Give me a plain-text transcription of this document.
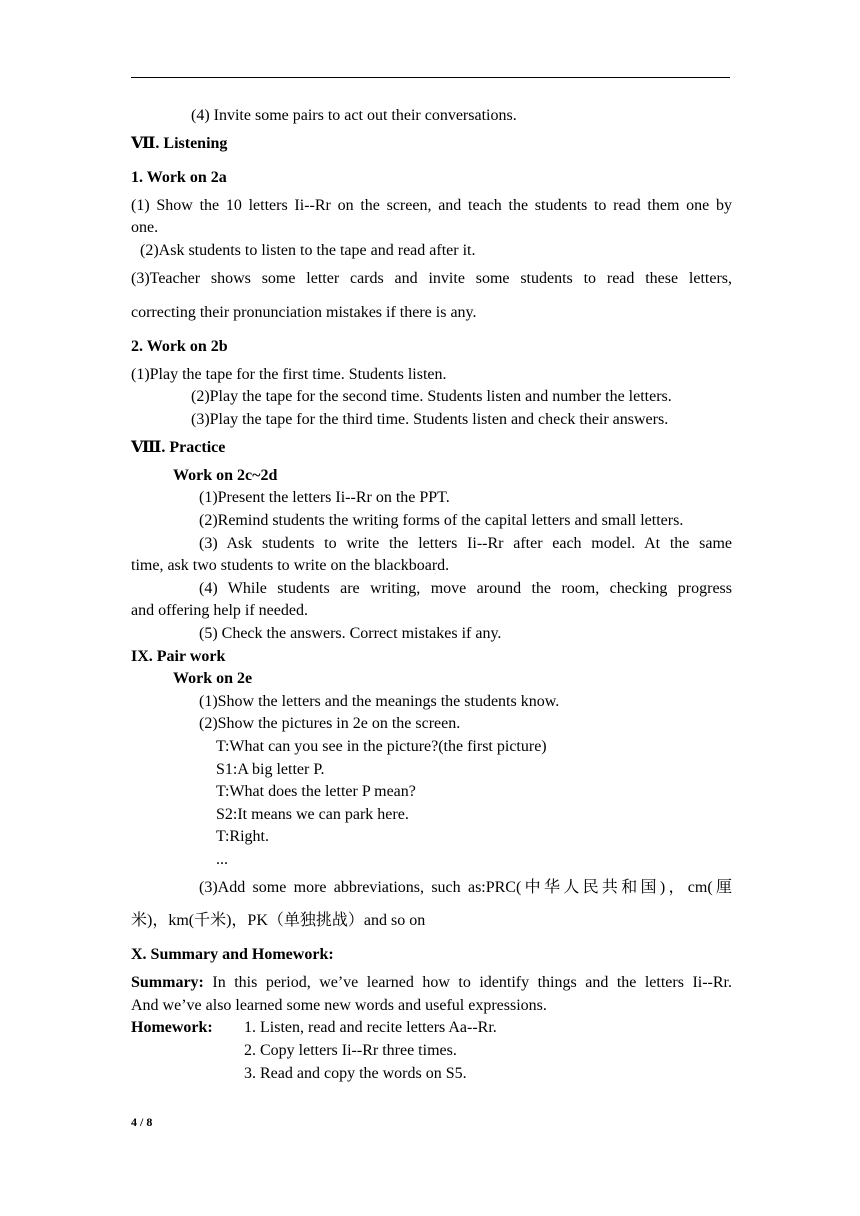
(4) Invite some pairs to act out their conversations.
Ⅶ. Listening
1. Work on 2a
(1) Show the 10 letters Ii--Rr on the screen, and teach the students to read them one by
one.
(2)Ask students to listen to the tape and read after it.
(3)Teacher shows some letter cards and invite some students to read these letters,
correcting their pronunciation mistakes if there is any.
2. Work on 2b
(1)Play the tape for the first time. Students listen.
(2)Play the tape for the second time. Students listen and number the letters.
(3)Play the tape for the third time. Students listen and check their answers.
Ⅷ. Practice
Work on 2c~2d
(1)Present the letters Ii--Rr on the PPT.
(2)Remind students the writing forms of the capital letters and small letters.
(3) Ask students to write the letters Ii--Rr after each model. At the same
time, ask two students to write on the blackboard.
(4) While students are writing, move around the room, checking progress
and offering help if needed.
(5) Check the answers. Correct mistakes if any.
IX. Pair work
Work on 2e
(1)Show the letters and the meanings the students know.
(2)Show the pictures in 2e on the screen.
T:What can you see in the picture?(the first picture)
S1:A big letter P.
T:What does the letter P mean?
S2:It means we can park here.
T:Right.
...
(3)Add some more abbreviations, such as:PRC(中华人民共和国)，cm(厘
米)，km(千米)，PK（单独挑战）and so on
X. Summary and Homework:
Summary: In this period, we’ve learned how to identify things and the letters Ii--Rr.
And we’ve also learned some new words and useful expressions.
Homework: 1. Listen, read and recite letters Aa--Rr.
2. Copy letters Ii--Rr three times.
3. Read and copy the words on S5.
4 / 8
